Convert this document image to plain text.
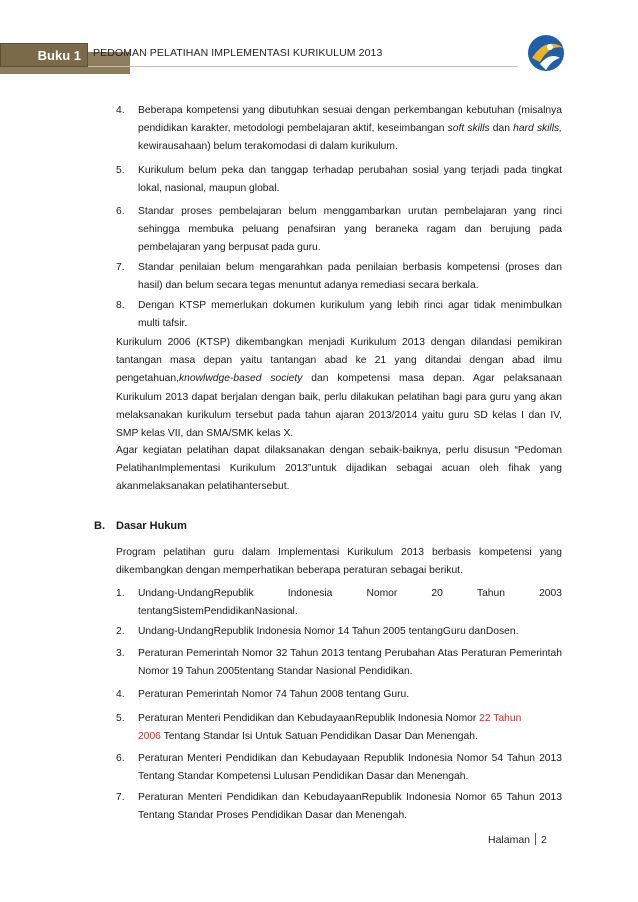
Buku 1	PEDOMAN PELATIHAN IMPLEMENTASI KURIKULUM 2013
4. Beberapa kompetensi yang dibutuhkan sesuai dengan perkembangan kebutuhan (misalnya pendidikan karakter, metodologi pembelajaran aktif, keseimbangan soft skills dan hard skills, kewirausahaan) belum terakomodasi di dalam kurikulum.

5. Kurikulum belum peka dan tanggap terhadap perubahan sosial yang terjadi pada tingkat lokal, nasional, maupun global.

6. Standar proses pembelajaran belum menggambarkan urutan pembelajaran yang rinci sehingga membuka peluang penafsiran yang beraneka ragam dan berujung pada pembelajaran yang berpusat pada guru.

7. Standar penilaian belum mengarahkan pada penilaian berbasis kompetensi (proses dan hasil) dan belum secara tegas menuntut adanya remediasi secara berkala.

8. Dengan KTSP memerlukan dokumen kurikulum yang lebih rinci agar tidak menimbulkan multi tafsir.

Kurikulum 2006 (KTSP) dikembangkan menjadi Kurikulum 2013 dengan dilandasi pemikiran tantangan masa depan yaitu tantangan abad ke 21 yang ditandai dengan abad ilmu pengetahuan,knowlwdge-based society dan kompetensi masa depan. Agar pelaksanaan Kurikulum 2013 dapat berjalan dengan baik, perlu dilakukan pelatihan bagi para guru yang akan melaksanakan kurikulum tersebut pada tahun ajaran 2013/2014 yaitu guru SD kelas I dan IV, SMP kelas VII, dan SMA/SMK kelas X.

Agar kegiatan pelatihan dapat dilaksanakan dengan sebaik-baiknya, perlu disusun “Pedoman PelatihanImplementasi Kurikulum 2013”untuk dijadikan sebagai acuan oleh fihak yang akanmelaksanakan pelatihantersebut.

B. Dasar Hukum

Program pelatihan guru dalam Implementasi Kurikulum 2013 berbasis kompetensi yang dikembangkan dengan memperhatikan beberapa peraturan sebagai berikut.

1. Undang-UndangRepublik	Indonesia	Nomor	20	Tahun	2003
tentangSistemPendidikanNasional.
2. Undang-UndangRepublik Indonesia Nomor 14 Tahun 2005 tentangGuru danDosen.

3. Peraturan Pemerintah Nomor 32 Tahun 2013 tentang Perubahan Atas Peraturan Pemerintah Nomor 19 Tahun 2005tentang Standar Nasional Pendidikan.

4. Peraturan Pemerintah Nomor 74 Tahun 2008 tentang Guru.

5. Peraturan Menteri Pendidikan dan KebudayaanRepublik Indonesia Nomor 22 Tahun
2006 Tentang Standar Isi Untuk Satuan Pendidikan Dasar Dan Menengah.

6. Peraturan Menteri Pendidikan dan Kebudayaan Republik Indonesia Nomor 54 Tahun 2013 Tentang Standar Kompetensi Lulusan Pendidikan Dasar dan Menengah.

7. Peraturan Menteri Pendidikan dan KebudayaanRepublik Indonesia Nomor 65 Tahun 2013 Tentang Standar Proses Pendidikan Dasar dan Menengah.

Halaman 2
